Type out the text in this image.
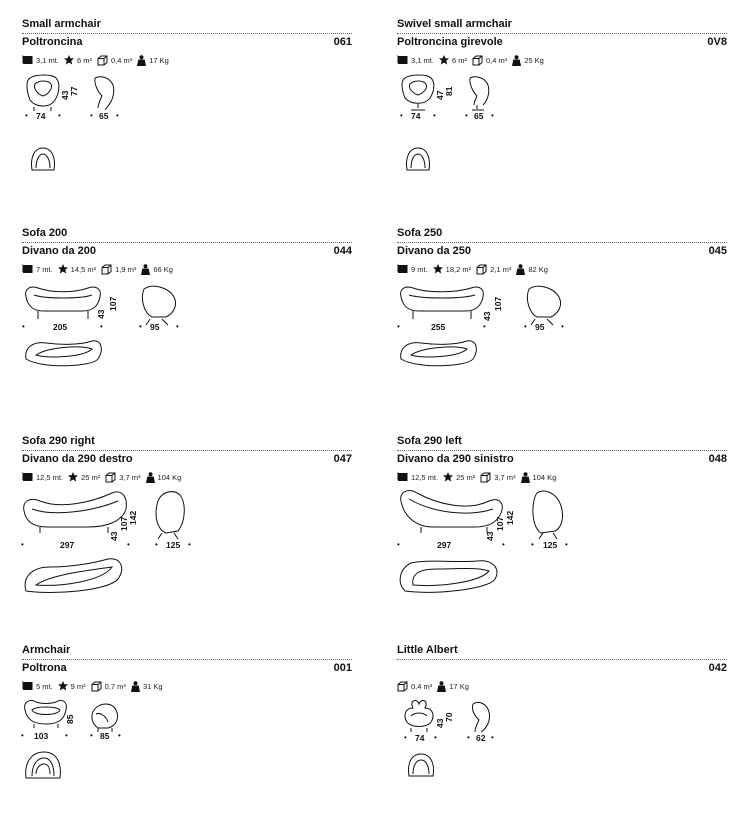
Small armchair
Poltroncina	061
3,1 mt. 6 m²	0,4 m³ 17 Kg
•	•
74
43 77
•	•
65
Swivel small armchair
Poltroncina girevole	0V8
3,1 mt. 6 m²	0,4 m³ 25 Kg
•	•
74
47 81
•	•
65
Sofa 200
Divano da 200	044
7 mt. 14,5 m²	1,9 m³ 66 Kg
•	•
205
43
107
•	•
95
Sofa 250
Divano da 250	045
9 mt. 18,2 m²	2,1 m³ 82 Kg
•	•
255
43
107
•	•
95
Sofa 290 right
Divano da 290 destro	047
12,5 mt. 25 m²	3,7 m³ 104 Kg
•	•
297
43
107 142
•	•
125
Sofa 290 left
Divano da 290 sinistro	048
12,5 mt. 25 m²	3,7 m³ 104 Kg
•	•
297
43
107 142
•	•
125
Armchair
Poltrona	001
5 mt. 9 m²	0,7 m³ 31 Kg
•	•
103
85
•	•
85
Little Albert
042
0,4 m³ 17 Kg
•	•
74
43
70
•	•
62
